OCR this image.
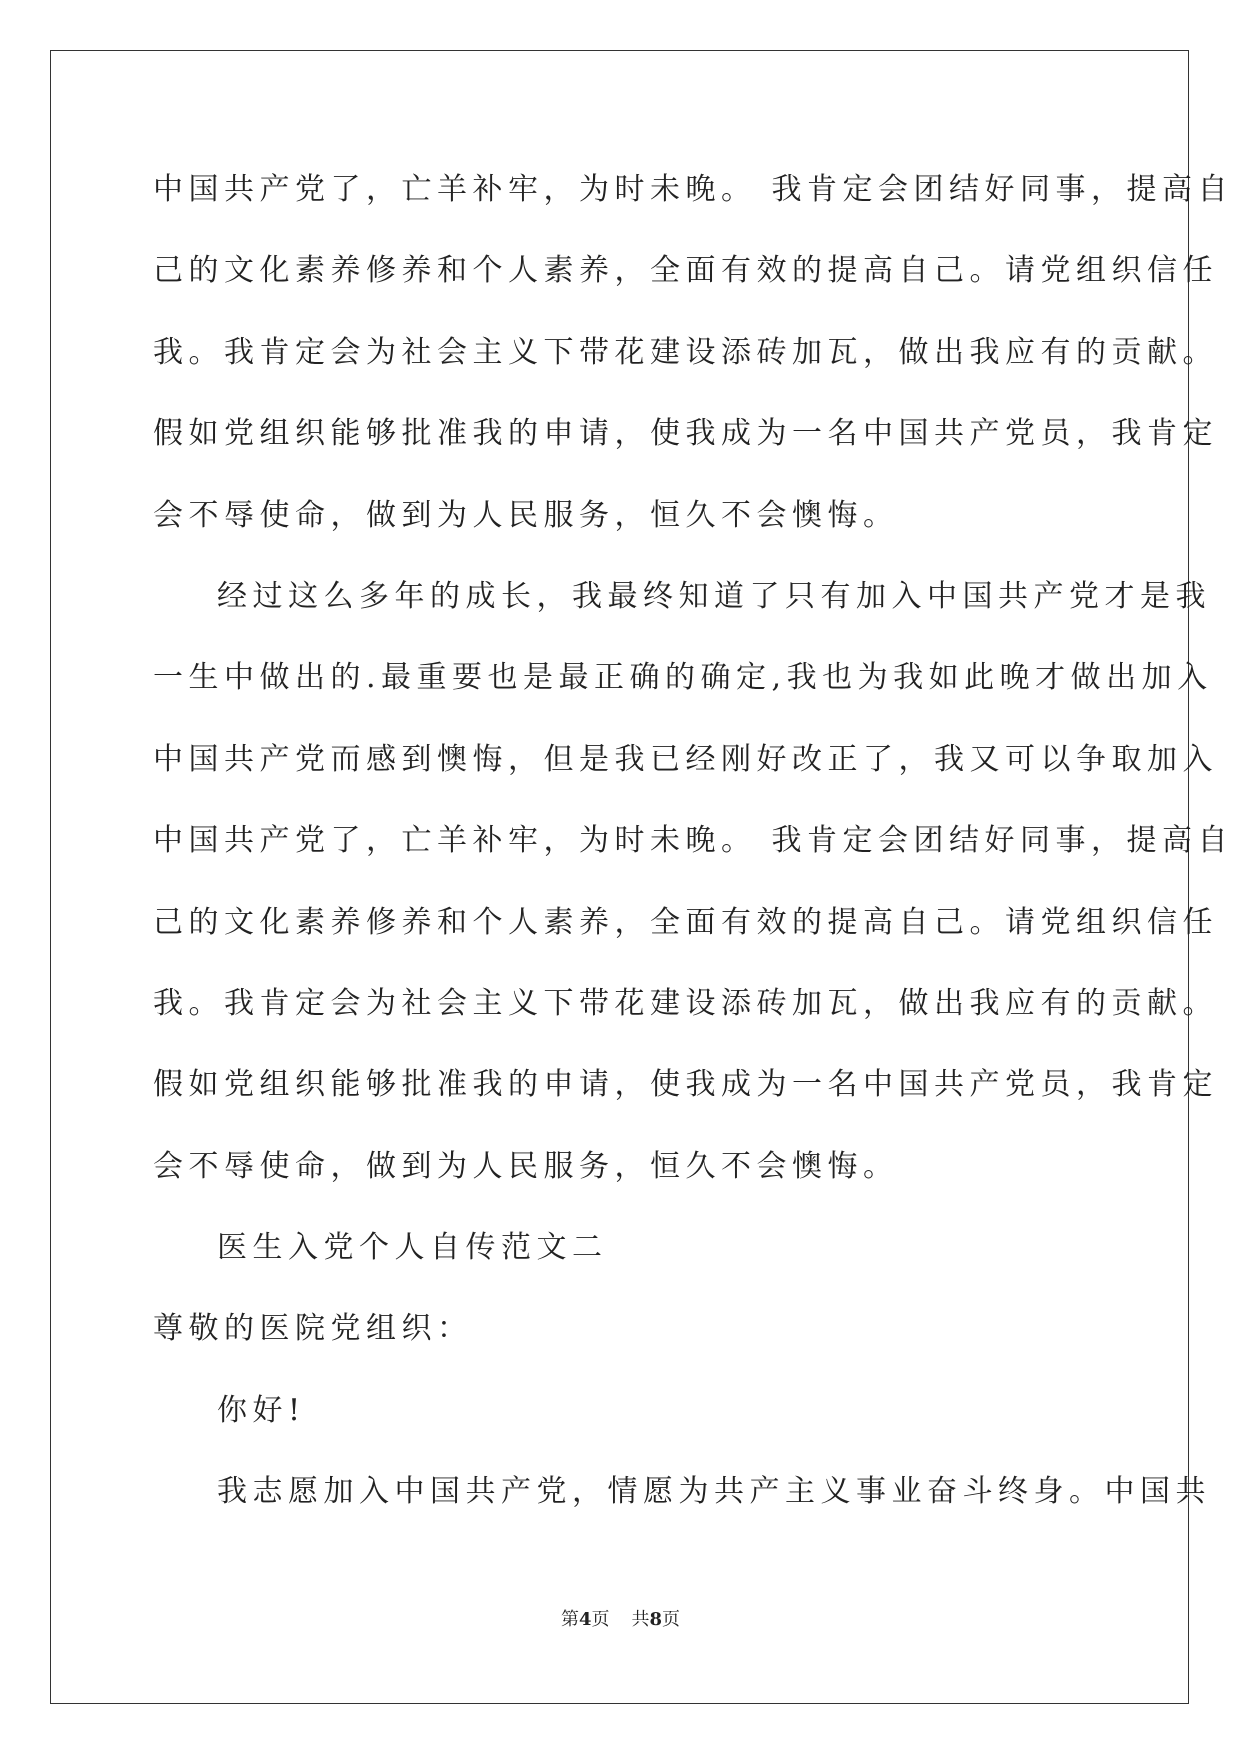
中国共产党了，亡羊补牢，为时未晚。 我肯定会团结好同事，提高自

己的文化素养修养和个人素养，全面有效的提高自己。请党组织信任

我。我肯定会为社会主义下带花建设添砖加瓦，做出我应有的贡献。

假如党组织能够批准我的申请，使我成为一名中国共产党员，我肯定

会不辱使命，做到为人民服务，恒久不会懊悔。

经过这么多年的成长，我最终知道了只有加入中国共产党才是我

一生中做出的.最重要也是最正确的确定,我也为我如此晚才做出加入

中国共产党而感到懊悔，但是我已经刚好改正了，我又可以争取加入

中国共产党了，亡羊补牢，为时未晚。 我肯定会团结好同事，提高自

己的文化素养修养和个人素养，全面有效的提高自己。请党组织信任

我。我肯定会为社会主义下带花建设添砖加瓦，做出我应有的贡献。

假如党组织能够批准我的申请，使我成为一名中国共产党员，我肯定

会不辱使命，做到为人民服务，恒久不会懊悔。

医生入党个人自传范文二

尊敬的医院党组织：

你好!

我志愿加入中国共产党，情愿为共产主义事业奋斗终身。中国共

第4页 共8页
